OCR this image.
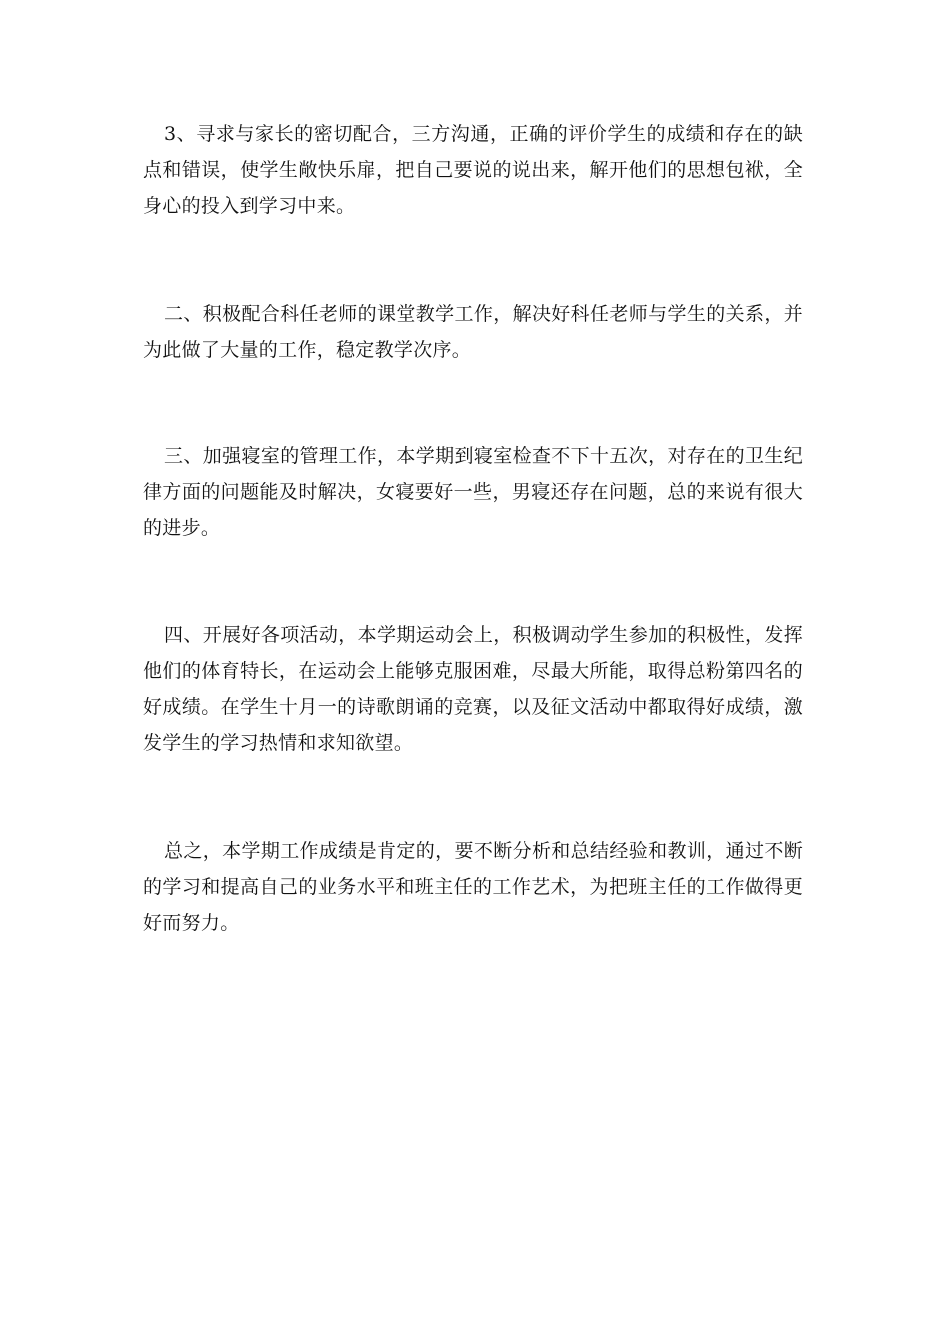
3、寻求与家长的密切配合，三方沟通，正确的评价学生的成绩和存在的缺点和错误，使学生敞快乐扉，把自己要说的说出来，解开他们的思想包袱，全身心的投入到学习中来。

二、积极配合科任老师的课堂教学工作，解决好科任老师与学生的关系，并为此做了大量的工作，稳定教学次序。

三、加强寝室的管理工作，本学期到寝室检查不下十五次，对存在的卫生纪律方面的问题能及时解决，女寝要好一些，男寝还存在问题，总的来说有很大的进步。

四、开展好各项活动，本学期运动会上，积极调动学生参加的积极性，发挥他们的体育特长，在运动会上能够克服困难，尽最大所能，取得总粉第四名的好成绩。在学生十月一的诗歌朗诵的竞赛，以及征文活动中都取得好成绩，激发学生的学习热情和求知欲望。

总之，本学期工作成绩是肯定的，要不断分析和总结经验和教训，通过不断的学习和提高自己的业务水平和班主任的工作艺术，为把班主任的工作做得更好而努力。
